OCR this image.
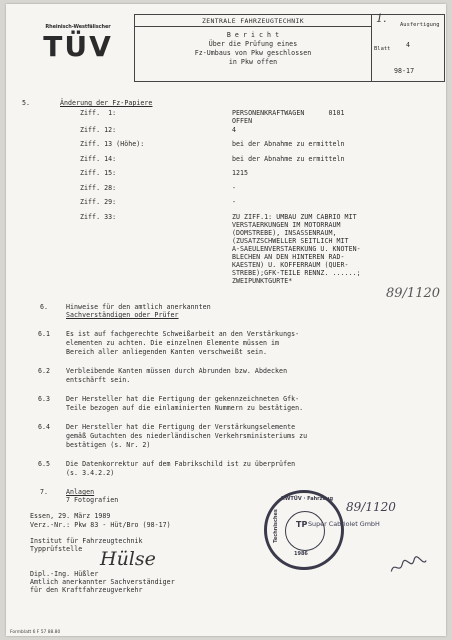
Rheinisch-Westfälischer
TÜV
ZENTRALE FAHRZEUGTECHNIK
B e r i c h t
Über die Prüfung eines
Fz-Umbaus von Pkw geschlossen
in Pkw offen
1. Ausfertigung
Blatt 4
98-17
5.	Änderung der Fz-Papiere
Ziff.  1:	PERSONENKRAFTWAGEN      0101
OFFEN
Ziff. 12:	4
Ziff. 13 (Höhe):	bei der Abnahme zu ermitteln
Ziff. 14:	bei der Abnahme zu ermitteln
Ziff. 15:	1215
Ziff. 28:	-
Ziff. 29:	-
Ziff. 33:	ZU ZIFF.1: UMBAU ZUM CABRIO MIT
VERSTAERKUNGEN IM MOTORRAUM
(DOMSTREBE), INSASSENRAUM,
(ZUSATZSCHWELLER SEITLICH MIT
A-SAEULENVERSTAERKUNG U. KNOTEN-
BLECHEN AN DEN HINTEREN RAD-
KAESTEN) U. KOFFERRAUM (QUER-
STREBE);GFK-TEILE RENNZ. ......;
ZWEIPUNKTGURTE*
89/1120
6.	Hinweise für den amtlich anerkannten
Sachverständigen oder Prüfer
6.1 Es ist auf fachgerechte Schweißarbeit an den Verstärkungs-
elementen zu achten. Die einzelnen Elemente müssen im
Bereich aller anliegenden Kanten verschweißt sein.
6.2 Verbleibende Kanten müssen durch Abrunden bzw. Abdecken
entschärft sein.
6.3 Der Hersteller hat die Fertigung der gekennzeichneten Gfk-
Teile bezogen auf die einlaminierten Nummern zu bestätigen.
6.4 Der Hersteller hat die Fertigung der Verstärkungselemente
gemäß Gutachten des niederländischen Verkehrsministeriums zu
bestätigen (s. Nr. 2)
6.5 Die Datenkorrektur auf dem Fabrikschild ist zu überprüfen
(s. 3.4.2.2)
7.	Anlagen
7 Fotografien
Essen, 29. März 1989
Verz.-Nr.: Pkw 83 - Hüt/Bro (98-17)
Institut für Fahrzeugtechnik
Typprüfstelle Hülse
Dipl.-Ing. Hüßler
Amtlich anerkannter Sachverständiger
für den Kraftfahrzeugverkehr
RWTÜV · Fahrzeug
Technisches TP
1986
Super Cabriolet GmbH
89/1120

Formblatt 6 F 57 88.80
